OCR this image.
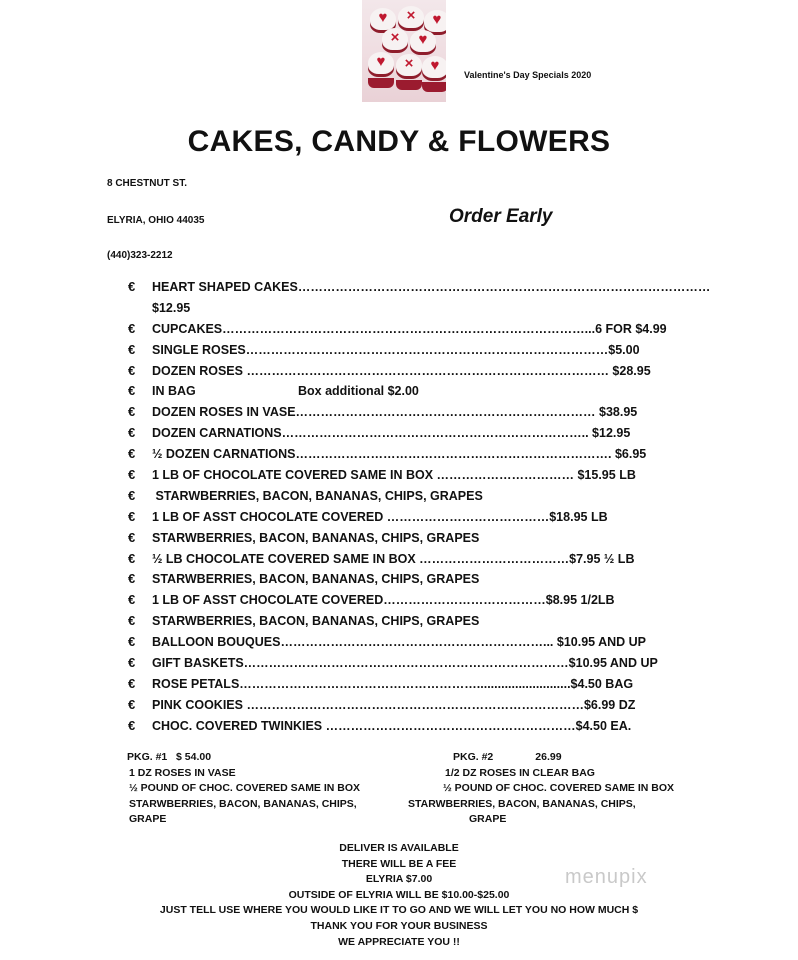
♥	×	♥
×	♥
♥	×	♥
Valentine's Day Specials 2020
CAKES, CANDY & FLOWERS
8 CHESTNUT ST.
ELYRIA, OHIO 44035
(440)323-2212
Order Early
€ HEART SHAPED CAKES………………………………………………………………………………………
$12.95
€ CUPCAKES……………………………………………………………………………...6 FOR $4.99
€ SINGLE ROSES……………………………………………………………………………$5.00
€ DOZEN ROSES …………………………………………………………………………… $28.95
€ IN BAG	Box additional $2.00
€ DOZEN ROSES IN VASE……………………………………………………………… $38.95
€ DOZEN CARNATIONS……………………………………………………………….. $12.95
€ ½ DOZEN CARNATIONS…………………………………………………………………. $6.95
€ 1 LB OF CHOCOLATE COVERED SAME IN BOX …………………………… $15.95 LB
€ STARWBERRIES, BACON, BANANAS, CHIPS, GRAPES
€ 1 LB OF ASST CHOCOLATE COVERED …………………………………$18.95 LB
€ STARWBERRIES, BACON, BANANAS, CHIPS, GRAPES
€ ½ LB CHOCOLATE COVERED SAME IN BOX ………………………………$7.95 ½ LB
€ STARWBERRIES, BACON, BANANAS, CHIPS, GRAPES
€ 1 LB OF ASST CHOCOLATE COVERED…………………………………$8.95 1/2LB
€ STARWBERRIES, BACON, BANANAS, CHIPS, GRAPES
€ BALLOON BOUQUES………………………………………………………... $10.95 AND UP
€ GIFT BASKETS……………………………………………………………………$10.95 AND UP
€ ROSE PETALS…………………………………………………...........................$4.50 BAG
€ PINK COOKIES ………………………………………………………………………$6.99 DZ
€ CHOC. COVERED TWINKIES ……………………………………………………$4.50 EA.
PKG. #1 $ 54.00
1 DZ ROSES IN VASE
½ POUND OF CHOC. COVERED SAME IN BOX
STARWBERRIES, BACON, BANANAS, CHIPS,
GRAPE
PKG. #2	26.99
1/2 DZ ROSES IN CLEAR BAG
½ POUND OF CHOC. COVERED SAME IN BOX
STARWBERRIES, BACON, BANANAS, CHIPS,
GRAPE
DELIVER IS AVAILABLE
THERE WILL BE A FEE
ELYRIA $7.00
OUTSIDE OF ELYRIA WILL BE $10.00-$25.00
JUST TELL USE WHERE YOU WOULD LIKE IT TO GO AND WE WILL LET YOU NO HOW MUCH $
THANK YOU FOR YOUR BUSINESS
WE APPRECIATE YOU !!
menupix
